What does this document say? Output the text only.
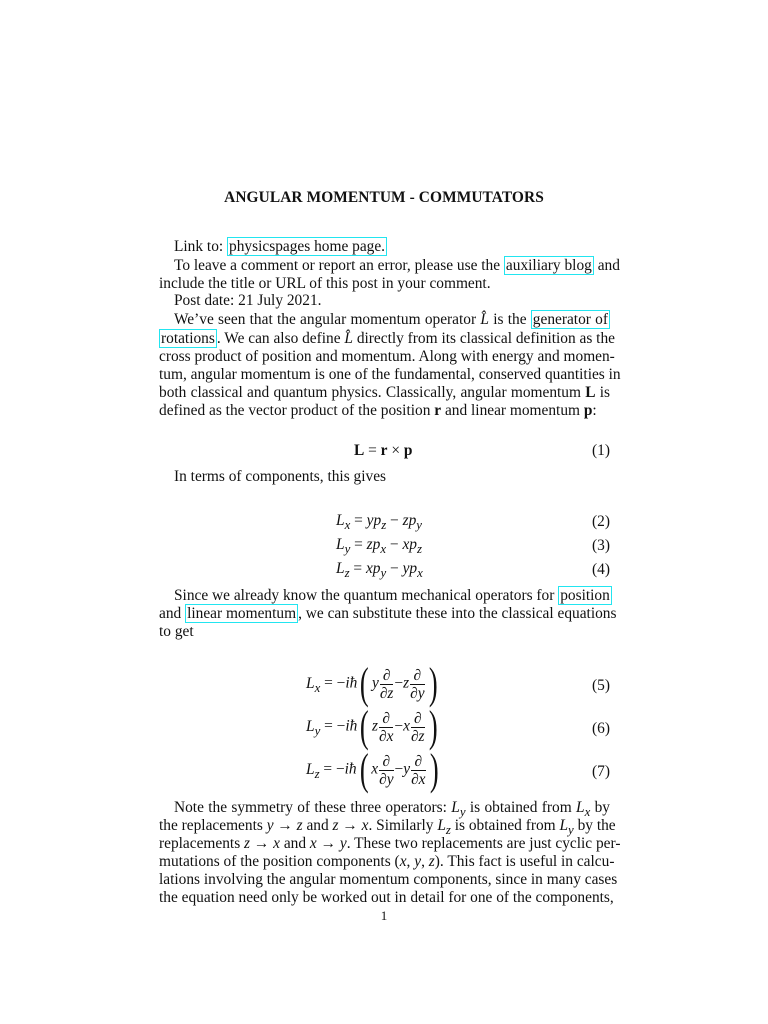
ANGULAR MOMENTUM - COMMUTATORS
Link to: physicspages home page.
To leave a comment or report an error, please use the auxiliary blog and
include the title or URL of this post in your comment.
Post date: 21 July 2021.
We’ve seen that the angular momentum operator L̂ is the generator of
rotations . We can also define L̂ directly from its classical definition as the
cross product of position and momentum. Along with energy and momen-
tum, angular momentum is one of the fundamental, conserved quantities in
both classical and quantum physics. Classically, angular momentum L is
defined as the vector product of the position r and linear momentum p:
L = r × p	(1)
In terms of components, this gives
$L_x = yp_z - zp_y$	(2)
$L_y = zp_x - xp_z$	(3)
$L_z = xp_y - yp_x$	(4)
Since we already know the quantum mechanical operators for position
and linear momentum , we can substitute these into the classical equations
to get
$L_x$ = −iħ( y $\frac{\partial}{\partial z} -z \frac{\partial}{\partial y}$ )	(5)
$L_y$ = −iħ( z $\frac{\partial}{\partial x} -x \frac{\partial}{\partial z}$ )	(6)
$L_z$ = −iħ( x $\frac{\partial}{\partial y} -y \frac{\partial}{\partial x}$ )	(7)
Note the symmetry of these three operators: $L_y$ is obtained from $L_x$ by
the replacements y → z and z → x. Similarly $L_z$ is obtained from $L_y$ by the
replacements z → x and x → y. These two replacements are just cyclic per-
mutations of the position components (x, y, z). This fact is useful in calcu-
lations involving the angular momentum components, since in many cases
the equation need only be worked out in detail for one of the components,
1
